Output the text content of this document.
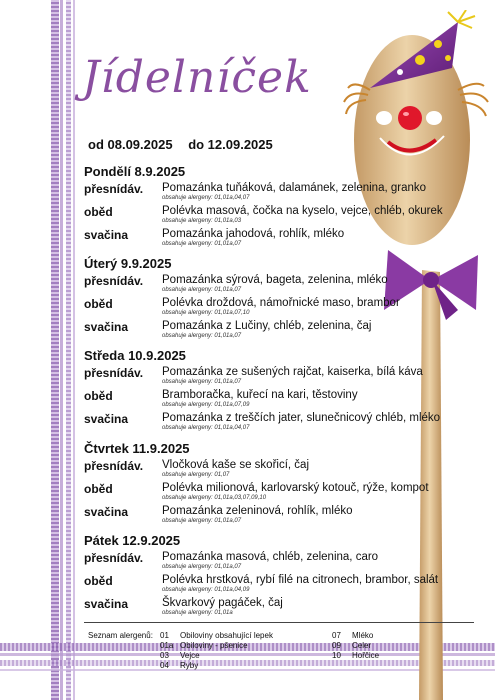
Jídelníček
od 08.09.2025 do 12.09.2025
Pondělí 8.9.2025
přesnídáv. Pomazánka tuňáková, dalamánek, zelenina, granko
obsahuje alergeny: 01,01a,04,07
oběd	Polévka masová, čočka na kyselo, vejce, chléb, okurek
obsahuje alergeny: 01,01a,03
svačina	Pomazánka jahodová, rohlík, mléko
obsahuje alergeny: 01,01a,07
Úterý 9.9.2025
přesnídáv. Pomazánka sýrová, bageta, zelenina, mléko
obsahuje alergeny: 01,01a,07
oběd	Polévka droždová, námořnické maso, brambor
obsahuje alergeny: 01,01a,07,10
svačina	Pomazánka z Lučiny, chléb, zelenina, čaj
obsahuje alergeny: 01,01a,07
Středa 10.9.2025
přesnídáv. Pomazánka ze sušených rajčat, kaiserka, bílá káva
obsahuje alergeny: 01,01a,07
oběd	Bramboračka, kuřecí na kari, těstoviny
obsahuje alergeny: 01,01a,07,09
svačina	Pomazánka z treščích jater, slunečnicový chléb, mléko
obsahuje alergeny: 01,01a,04,07
Čtvrtek 11.9.2025
přesnídáv. Vločková kaše se skořicí, čaj
obsahuje alergeny: 01,07
oběd	Polévka milionová, karlovarský kotouč, rýže, kompot
obsahuje alergeny: 01,01a,03,07,09,10
svačina	Pomazánka zeleninová, rohlík, mléko
obsahuje alergeny: 01,01a,07
Pátek 12.9.2025
přesnídáv. Pomazánka masová, chléb, zelenina, caro
obsahuje alergeny: 01,01a,07
oběd	Polévka hrstková, rybí filé na citronech, brambor, salát
obsahuje alergeny: 01,01a,04,09
svačina	Škvarkový pagáček, čaj
obsahuje alergeny: 01,01a
Seznam alergenů: 01 Obiloviny obsahující lepek
01a Obiloviny - pšenice
03 Vejce
04 Ryby
07 Mléko
09 Celer
10 Hořčice
